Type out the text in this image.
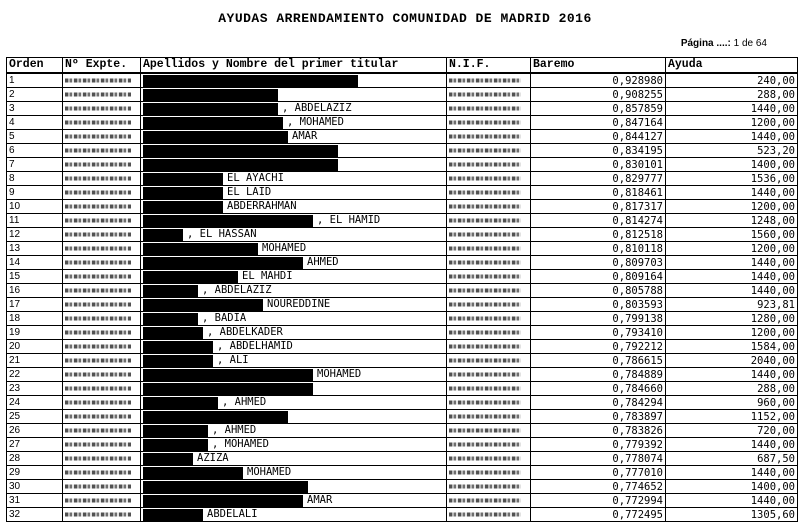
AYUDAS ARRENDAMIENTO COMUNIDAD DE MADRID 2016
Página ....: 1 de 64
Orden	Nº Expte.	Apellidos y Nombre del primer titular	N.I.F.	Baremo	Ayuda
1				0,928980	240,00
2				0,908255	288,00
3		, ABDELAZIZ		0,857859	1440,00
4		, MOHAMED		0,847164	1200,00
5		AMAR		0,844127	1440,00
6				0,834195	523,20
7				0,830101	1400,00
8		EL AYACHI		0,829777	1536,00
9		EL LAID		0,818461	1440,00
10		ABDERRAHMAN		0,817317	1200,00
11		, EL HAMID		0,814274	1248,00
12		, EL HASSAN		0,812518	1560,00
13		MOHAMED		0,810118	1200,00
14		AHMED		0,809703	1440,00
15		EL MAHDI		0,809164	1440,00
16		, ABDELAZIZ		0,805788	1440,00
17		NOUREDDINE		0,803593	923,81
18		, BADIA		0,799138	1280,00
19		, ABDELKADER		0,793410	1200,00
20		, ABDELHAMID		0,792212	1584,00
21		, ALI		0,786615	2040,00
22		MOHAMED		0,784889	1440,00
23				0,784660	288,00
24		, AHMED		0,784294	960,00
25				0,783897	1152,00
26		, AHMED		0,783826	720,00
27		, MOHAMED		0,779392	1440,00
28		AZIZA		0,778074	687,50
29		MOHAMED		0,777010	1440,00
30				0,774652	1400,00
31		AMAR		0,772994	1440,00
32		ABDELALI		0,772495	1305,60
